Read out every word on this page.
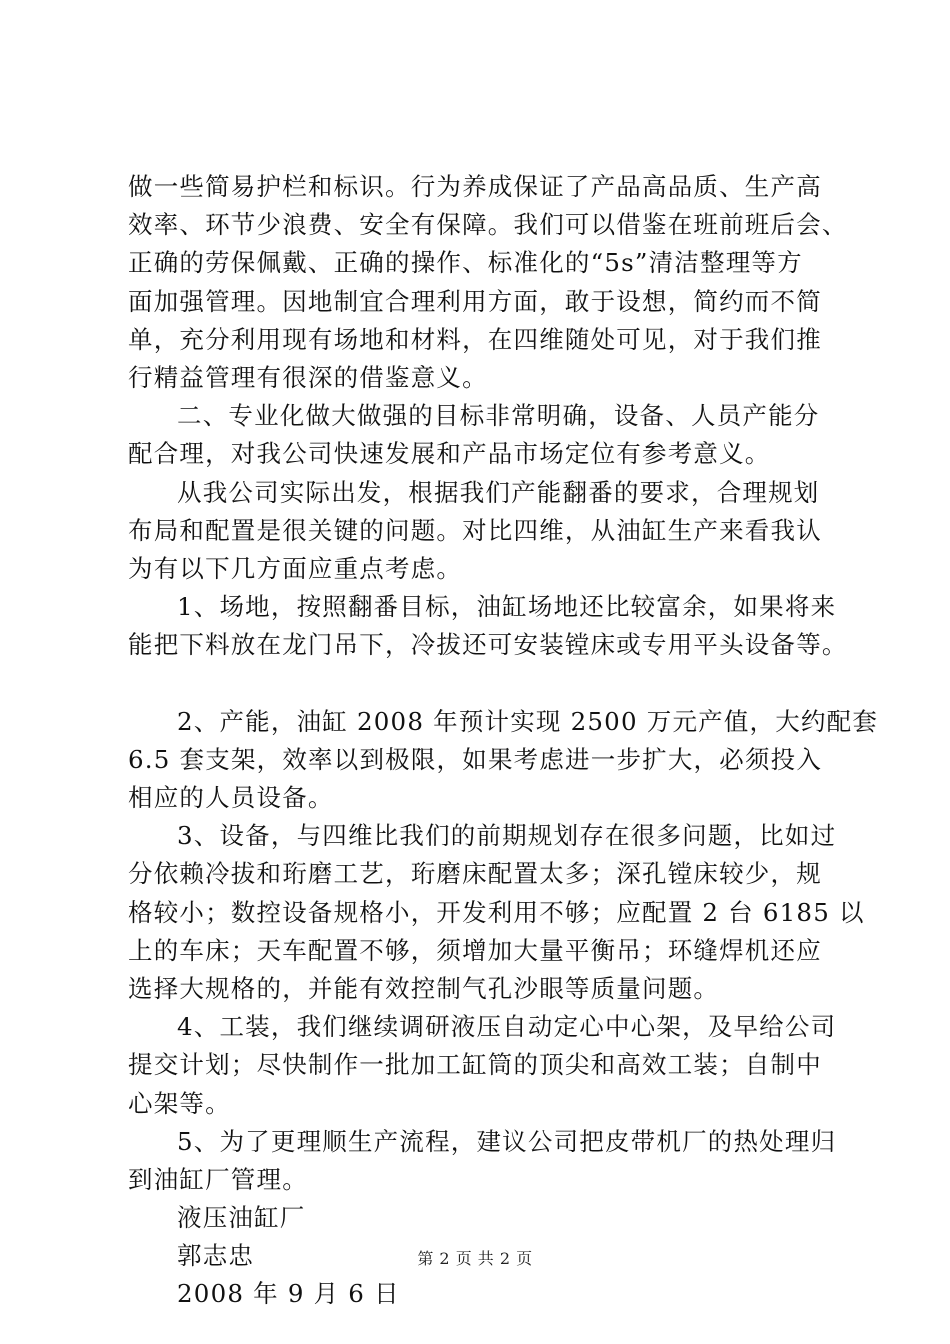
做一些简易护栏和标识。行为养成保证了产品高品质、生产高
效率、环节少浪费、安全有保障。我们可以借鉴在班前班后会、
正确的劳保佩戴、正确的操作、标准化的“5s”清洁整理等方
面加强管理。因地制宜合理利用方面，敢于设想，简约而不简
单，充分利用现有场地和材料，在四维随处可见，对于我们推
行精益管理有很深的借鉴意义。
二、专业化做大做强的目标非常明确，设备、人员产能分
配合理，对我公司快速发展和产品市场定位有参考意义。
从我公司实际出发，根据我们产能翻番的要求，合理规划
布局和配置是很关键的问题。对比四维，从油缸生产来看我认
为有以下几方面应重点考虑。
1、场地，按照翻番目标，油缸场地还比较富余，如果将来
能把下料放在龙门吊下，冷拔还可安装镗床或专用平头设备等。
2、产能，油缸 2008 年预计实现 2500 万元产值，大约配套
6.5 套支架，效率以到极限，如果考虑进一步扩大，必须投入
相应的人员设备。
3、设备，与四维比我们的前期规划存在很多问题，比如过
分依赖冷拔和珩磨工艺，珩磨床配置太多；深孔镗床较少，规
格较小；数控设备规格小，开发利用不够；应配置 2 台 6185 以
上的车床；天车配置不够，须增加大量平衡吊；环缝焊机还应
选择大规格的，并能有效控制气孔沙眼等质量问题。
4、工装，我们继续调研液压自动定心中心架，及早给公司
提交计划；尽快制作一批加工缸筒的顶尖和高效工装；自制中
心架等。
5、为了更理顺生产流程，建议公司把皮带机厂的热处理归
到油缸厂管理。
液压油缸厂
郭志忠
2008 年 9 月 6 日
第 2 页 共 2 页
